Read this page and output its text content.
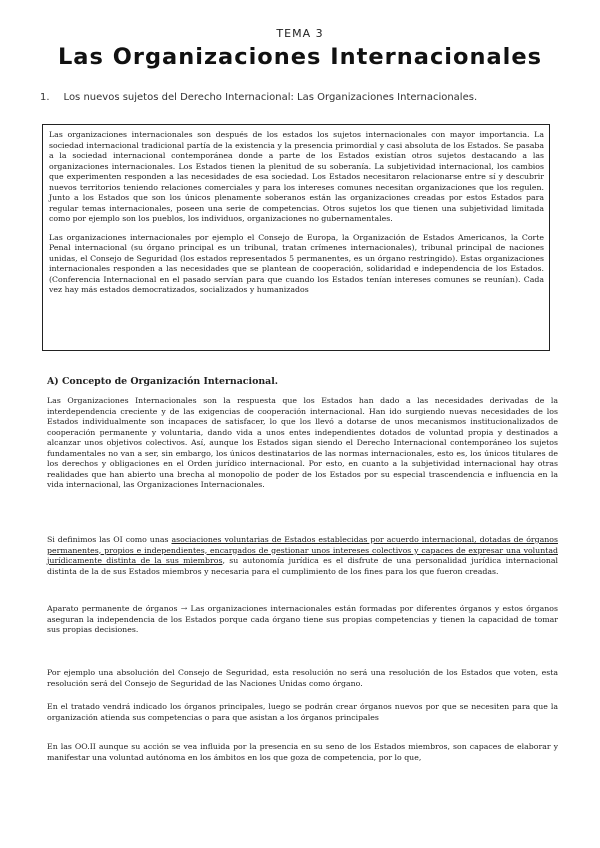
TEMA 3
Las Organizaciones Internacionales
1. Los nuevos sujetos del Derecho Internacional: Las Organizaciones Internacionales.

Las organizaciones internacionales son después de los estados los sujetos internacionales con mayor importancia. La sociedad internacional tradicional partía de la existencia y la presencia primordial y casi absoluta de los Estados. Se pasaba a la sociedad internacional contemporánea donde a parte de los Estados existían otros sujetos destacando a las organizaciones internacionales. Los Estados tienen la plenitud de su soberanía. La subjetividad internacional, los cambios que experimenten responden a las necesidades de esa sociedad. Los Estados necesitaron relacionarse entre sí y descubrir nuevos territorios teniendo relaciones comerciales y para los intereses comunes necesitan organizaciones que los regulen. Junto a los Estados que son los únicos plenamente soberanos están las organizaciones creadas por estos Estados para regular temas internacionales, poseen una serie de competencias. Otros sujetos los que tienen una subjetividad limitada como por ejemplo son los pueblos, los individuos, organizaciones no gubernamentales.

Las organizaciones internacionales por ejemplo el Consejo de Europa, la Organización de Estados Americanos, la Corte Penal internacional (su órgano principal es un tribunal, tratan crímenes internacionales), tribunal principal de naciones unidas, el Consejo de Seguridad (los estados representados 5 permanentes, es un órgano restringido). Estas organizaciones internacionales responden a las necesidades que se plantean de cooperación, solidaridad e independencia de los Estados. (Conferencia Internacional en el pasado servían para que cuando los Estados tenían intereses comunes se reunían). Cada vez hay más estados democratizados, socializados y humanizados

A) Concepto de Organización Internacional.

Las Organizaciones Internacionales son la respuesta que los Estados han dado a las necesidades derivadas de la interdependencia creciente y de las exigencias de cooperación internacional. Han ido surgiendo nuevas necesidades de los Estados individualmente son incapaces de satisfacer, lo que los llevó a dotarse de unos mecanismos institucionalizados de cooperación permanente y voluntaria, dando vida a unos entes independientes dotados de voluntad propia y destinados a alcanzar unos objetivos colectivos. Así, aunque los Estados sigan siendo el Derecho Internacional contemporáneo los sujetos fundamentales no van a ser, sin embargo, los únicos destinatarios de las normas internacionales, esto es, los únicos titulares de los derechos y obligaciones en el Orden jurídico internacional. Por esto, en cuanto a la subjetividad internacional hay otras realidades que han abierto una brecha al monopolio de poder de los Estados por su especial trascendencia e influencia en la vida internacional, las Organizaciones Internacionales.

Si definimos las OI como unas asociaciones voluntarias de Estados establecidas por acuerdo internacional, dotadas de órganos permanentes, propios e independientes, encargados de gestionar unos intereses colectivos y capaces de expresar una voluntad jurídicamente distinta de la sus miembros, su autonomía jurídica es el disfrute de una personalidad jurídica internacional distinta de la de sus Estados miembros y necesaria para el cumplimiento de los fines para los que fueron creadas.

Aparato permanente de órganos → Las organizaciones internacionales están formadas por diferentes órganos y estos órganos aseguran la independencia de los Estados porque cada órgano tiene sus propias competencias y tienen la capacidad de tomar sus propias decisiones.

Por ejemplo una absolución del Consejo de Seguridad, esta resolución no será una resolución de los Estados que voten, esta resolución será del Consejo de Seguridad de las Naciones Unidas como órgano.

En el tratado vendrá indicado los órganos principales, luego se podrán crear órganos nuevos por que se necesiten para que la organización atienda sus competencias o para que asistan a los órganos principales

En las OO.II aunque su acción se vea influida por la presencia en su seno de los Estados miembros, son capaces de elaborar y manifestar una voluntad autónoma en los ámbitos en los que goza de competencia, por lo que,
